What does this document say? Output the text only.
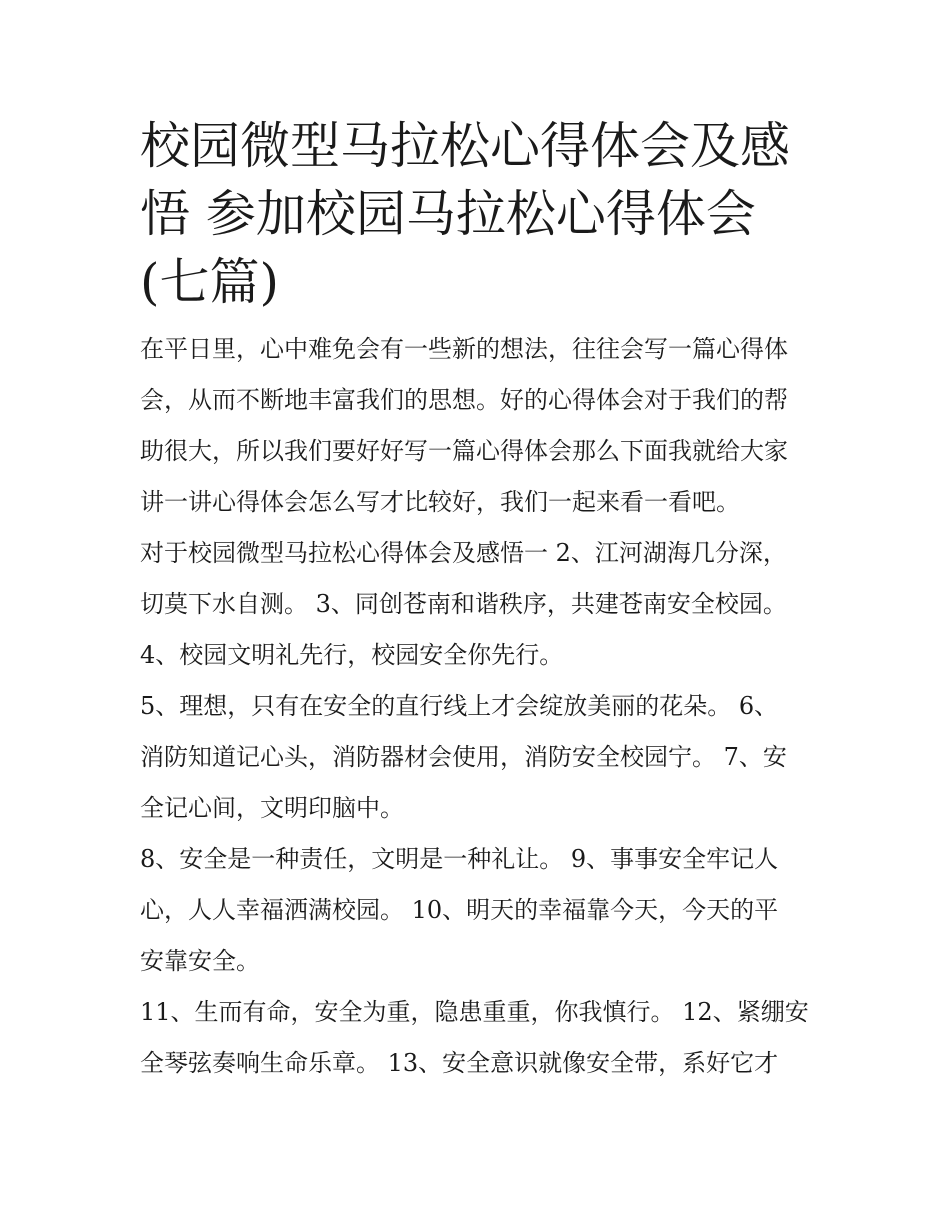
校园微型马拉松心得体会及感
悟 参加校园马拉松心得体会
(七篇)
在平日里，心中难免会有一些新的想法，往往会写一篇心得体
会，从而不断地丰富我们的思想。好的心得体会对于我们的帮
助很大，所以我们要好好写一篇心得体会那么下面我就给大家
讲一讲心得体会怎么写才比较好，我们一起来看一看吧。
对于校园微型马拉松心得体会及感悟一 2、江河湖海几分深，
切莫下水自测。 3、同创苍南和谐秩序，共建苍南安全校园。
4、校园文明礼先行，校园安全你先行。
5、理想，只有在安全的直行线上才会绽放美丽的花朵。 6、
消防知道记心头，消防器材会使用，消防安全校园宁。 7、安
全记心间，文明印脑中。
8、安全是一种责任，文明是一种礼让。 9、事事安全牢记人
心，人人幸福洒满校园。 10、明天的幸福靠今天，今天的平
安靠安全。
11、生而有命，安全为重，隐患重重，你我慎行。 12、紧绷安
全琴弦奏响生命乐章。 13、安全意识就像安全带，系好它才
